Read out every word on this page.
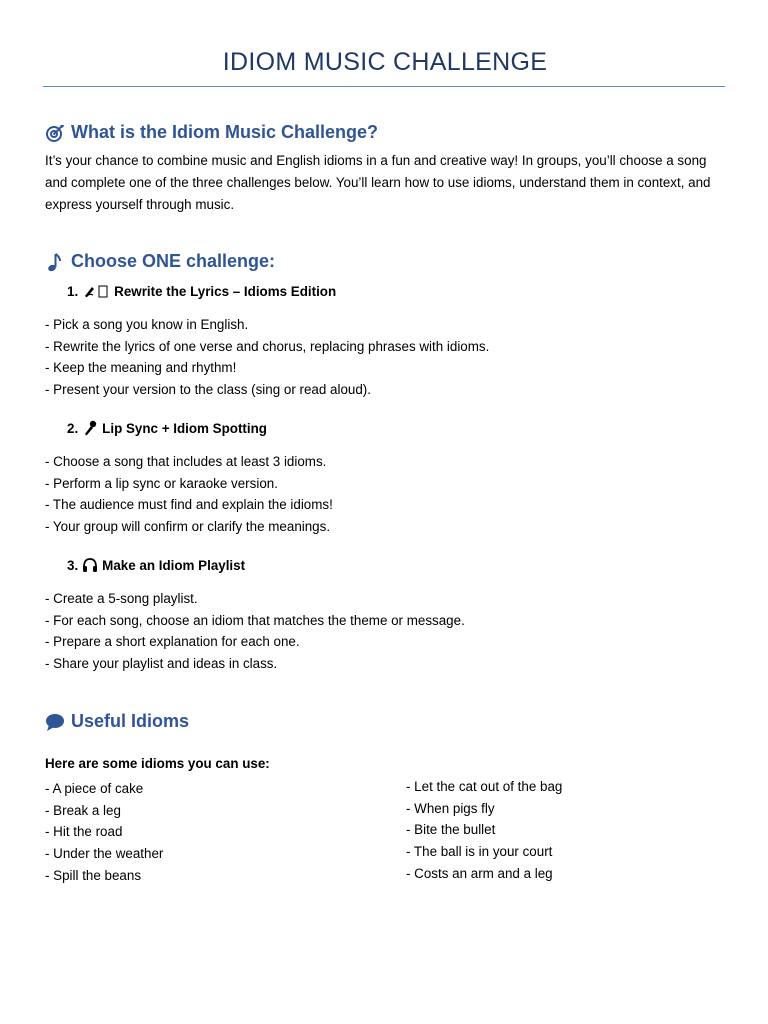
IDIOM MUSIC CHALLENGE
What is the Idiom Music Challenge?
It’s your chance to combine music and English idioms in a fun and creative way! In groups, you’ll choose a song and complete one of the three challenges below. You’ll learn how to use idioms, understand them in context, and express yourself through music.
Choose ONE challenge:
1.	Rewrite the Lyrics – Idioms Edition
- Pick a song you know in English.
- Rewrite the lyrics of one verse and chorus, replacing phrases with idioms.
- Keep the meaning and rhythm!
- Present your version to the class (sing or read aloud).
2. Lip Sync + Idiom Spotting
- Choose a song that includes at least 3 idioms.
- Perform a lip sync or karaoke version.
- The audience must find and explain the idioms!
- Your group will confirm or clarify the meanings.
3. Make an Idiom Playlist
- Create a 5-song playlist.
- For each song, choose an idiom that matches the theme or message.
- Prepare a short explanation for each one.
- Share your playlist and ideas in class.
Useful Idioms
Here are some idioms you can use:
- A piece of cake
- Break a leg
- Hit the road
- Under the weather
- Spill the beans
- Let the cat out of the bag
- When pigs fly
- Bite the bullet
- The ball is in your court
- Costs an arm and a leg
